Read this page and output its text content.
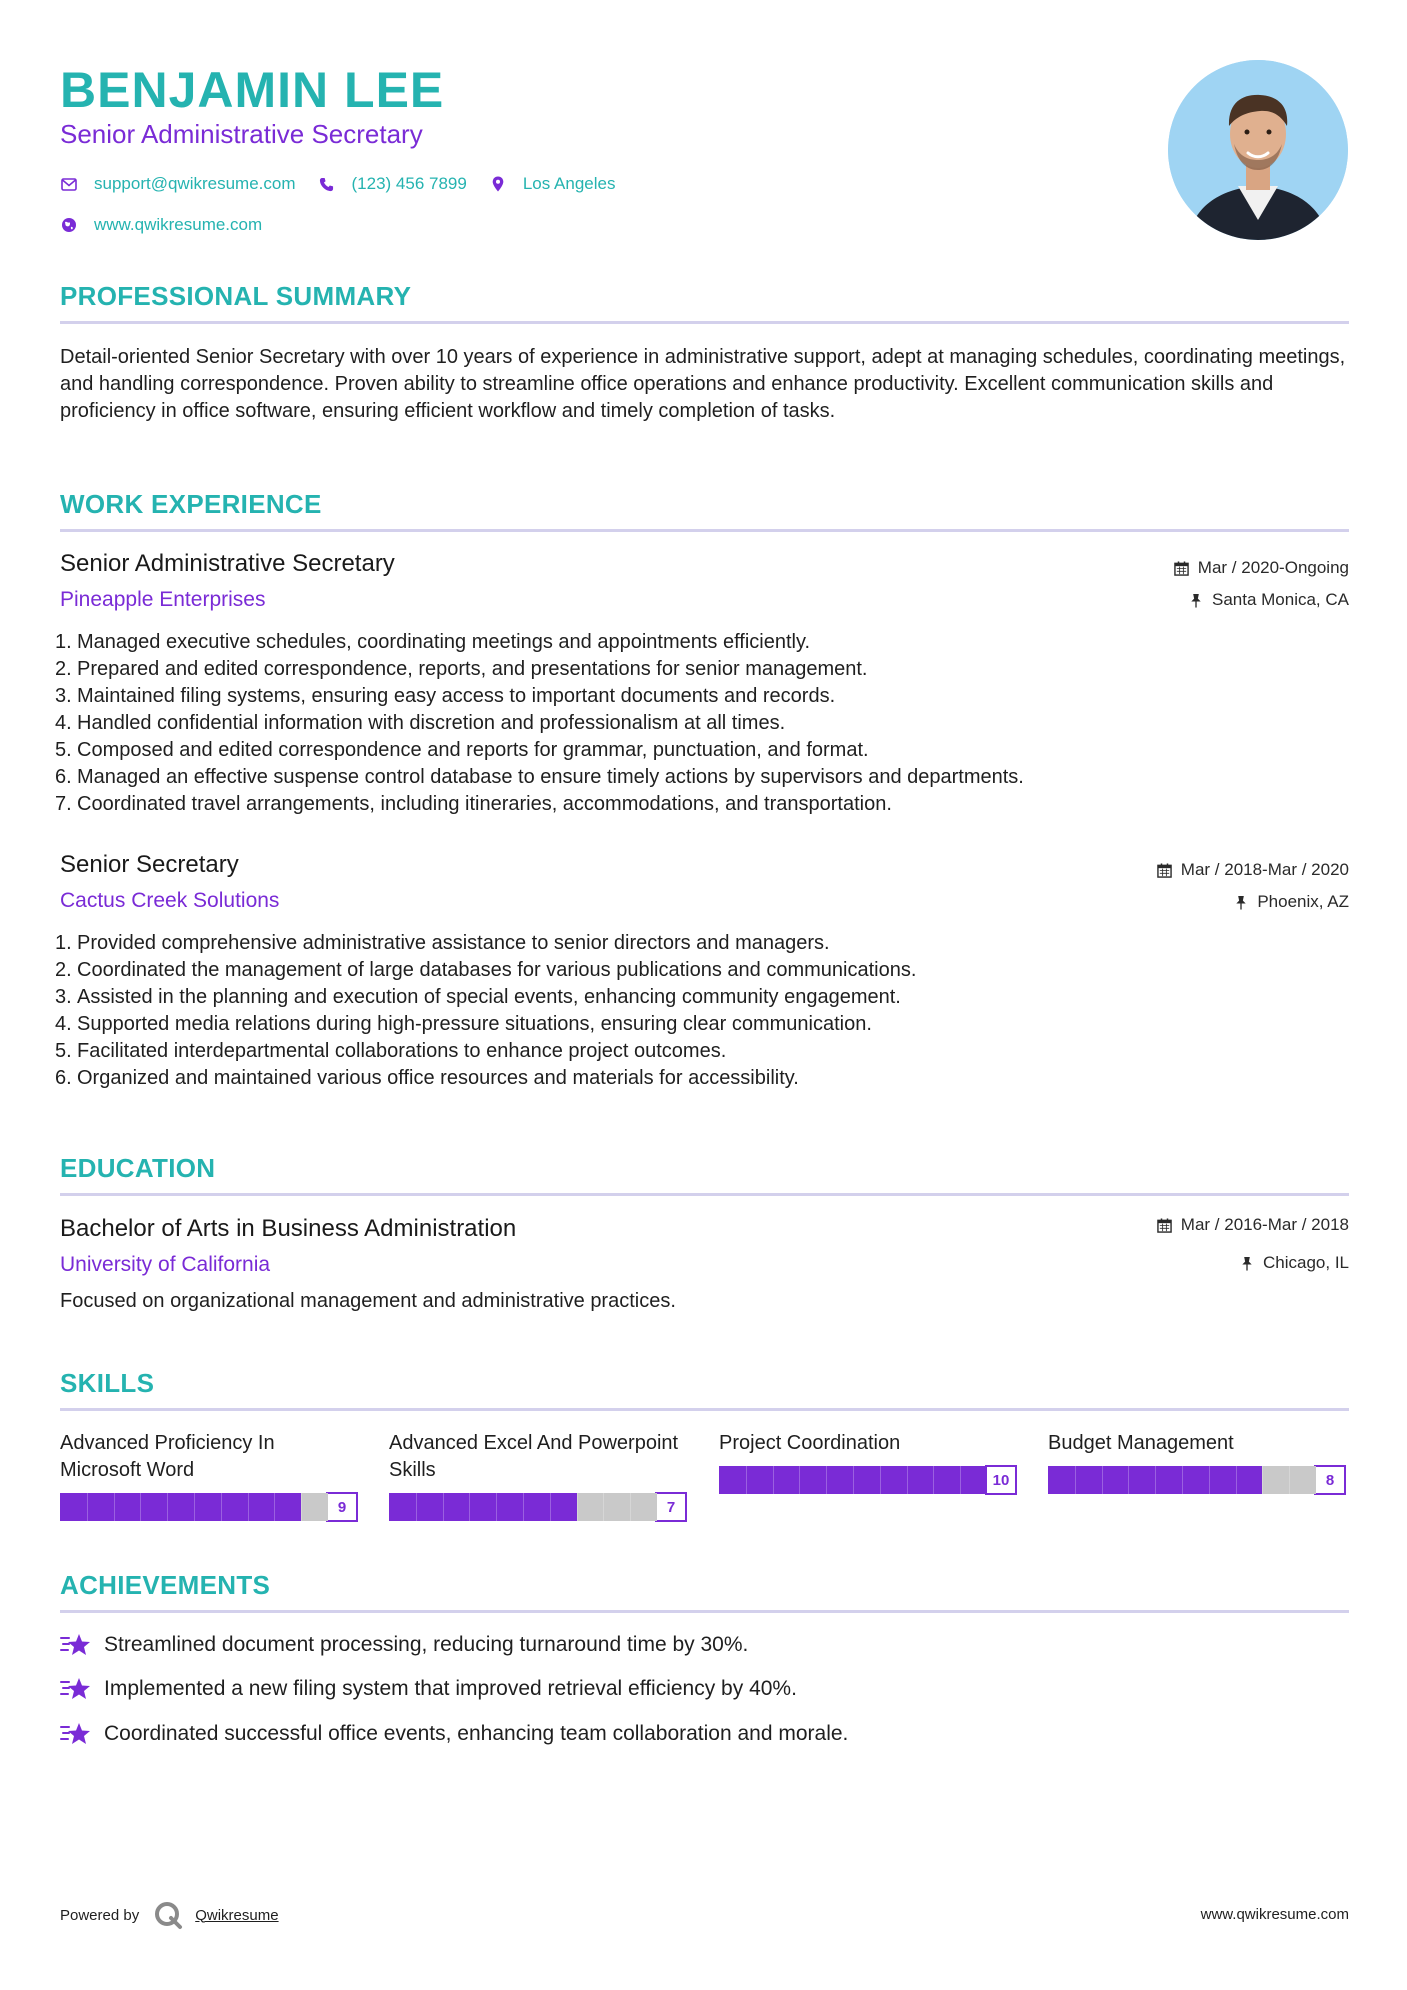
BENJAMIN LEE
Senior Administrative Secretary
support@qwikresume.com	(123) 456 7899	Los Angeles
www.qwikresume.com
PROFESSIONAL SUMMARY

Detail-oriented Senior Secretary with over 10 years of experience in administrative support, adept at managing schedules, coordinating meetings, and handling correspondence. Proven ability to streamline office operations and enhance productivity. Excellent communication skills and proficiency in office software, ensuring efficient workflow and timely completion of tasks.

WORK EXPERIENCE
Senior Administrative Secretary
Pineapple Enterprises
Mar / 2020-Ongoing
Santa Monica, CA
1. Managed executive schedules, coordinating meetings and appointments efficiently.
2. Prepared and edited correspondence, reports, and presentations for senior management.
3. Maintained filing systems, ensuring easy access to important documents and records.
4. Handled confidential information with discretion and professionalism at all times.
5. Composed and edited correspondence and reports for grammar, punctuation, and format.
6. Managed an effective suspense control database to ensure timely actions by supervisors and departments.
7. Coordinated travel arrangements, including itineraries, accommodations, and transportation.
Senior Secretary
Cactus Creek Solutions
Mar / 2018-Mar / 2020
Phoenix, AZ
1. Provided comprehensive administrative assistance to senior directors and managers.
2. Coordinated the management of large databases for various publications and communications.
3. Assisted in the planning and execution of special events, enhancing community engagement.
4. Supported media relations during high-pressure situations, ensuring clear communication.
5. Facilitated interdepartmental collaborations to enhance project outcomes.
6. Organized and maintained various office resources and materials for accessibility.
EDUCATION
Bachelor of Arts in Business Administration
University of California
Mar / 2016-Mar / 2018
Chicago, IL
Focused on organizational management and administrative practices.
SKILLS
Advanced Proficiency In Microsoft Word
9
Advanced Excel And Powerpoint Skills
7
Project Coordination
10
Budget Management
8
ACHIEVEMENTS
Streamlined document processing, reducing turnaround time by 30%.
Implemented a new filing system that improved retrieval efficiency by 40%.
Coordinated successful office events, enhancing team collaboration and morale.
Powered by	Qwikresume	www.qwikresume.com
